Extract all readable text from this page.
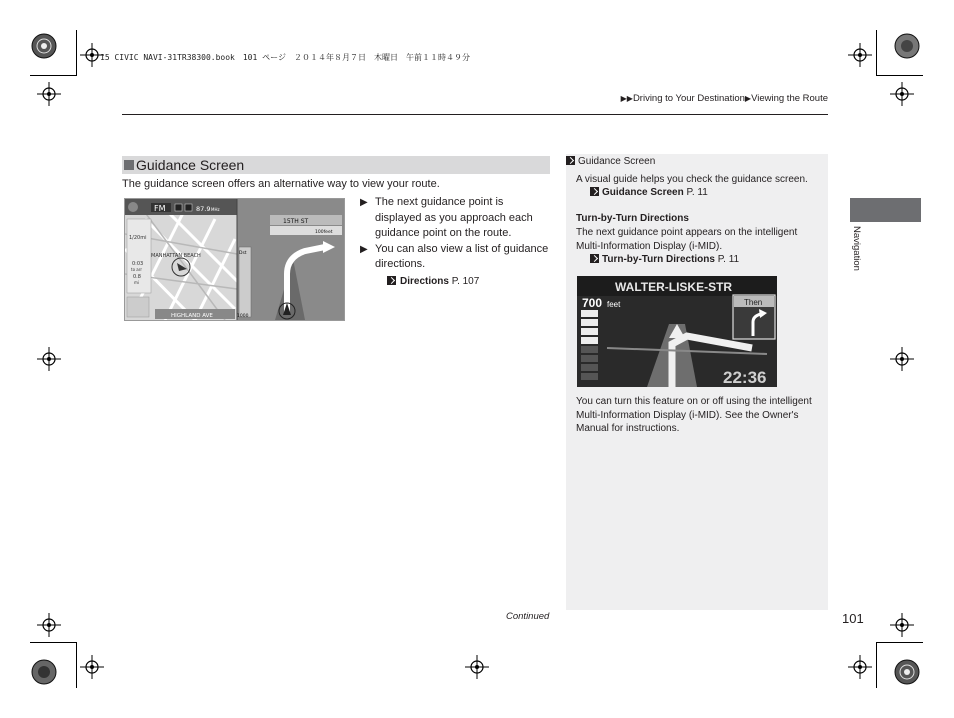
15 CIVIC NAVI-31TR38300.book　101 ページ　２０１４年８月７日　木曜日　午前１１時４９分
▶▶Driving to Your Destination▶Viewing the Route
Navigation
Guidance Screen
The guidance screen offers an alternative way to view your route.
FM	87.9 MHz
1/20mi
0:03
to arr
0.8
mi
MANHATTAN BEACH
HIGHLAND AVE
15TH ST
100feet
Dst
1000
▶ The next guidance point is displayed as you approach each guidance point on the route.
▶ You can also view a list of guidance directions.
Directions P. 107
Guidance Screen
A visual guide helps you check the guidance screen.
Guidance Screen P. 11
Turn-by-Turn Directions
The next guidance point appears on the intelligent Multi-Information Display (i-MID).
Turn-by-Turn Directions P. 11
WALTER-LISKE-STR
700 feet	Then
22:36
You can turn this feature on or off using the intelligent Multi-Information Display (i-MID). See the Owner's Manual for instructions.
Continued	101
